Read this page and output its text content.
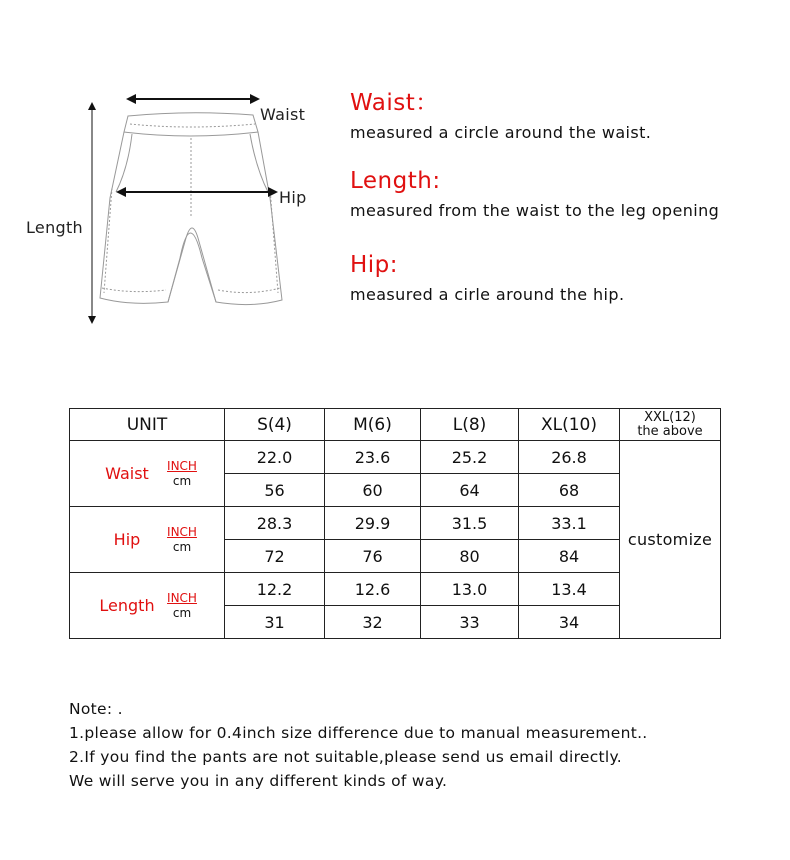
Waist
Hip
Length
Waist：
measured a circle around the waist.
Length:
measured from the waist to the leg opening
Hip:
measured a cirle around the hip.
UNIT	S(4)	M(6)	L(8)	XL(10)	XXL(12)
the above

Waist INCH
cm	22.0	23.6	25.2	26.8	customize
	56	60	64	68	

Hip INCH
cm	28.3	29.9	31.5	33.1	
	72	76	80	84	

Length INCH
cm	12.2	12.6	13.0	13.4	
	31	32	33	34	
Note: .
1.please allow for 0.4inch size difference due to manual measurement..
2.If you find the pants are not suitable,please send us email directly.
We will serve you in any different kinds of way.
